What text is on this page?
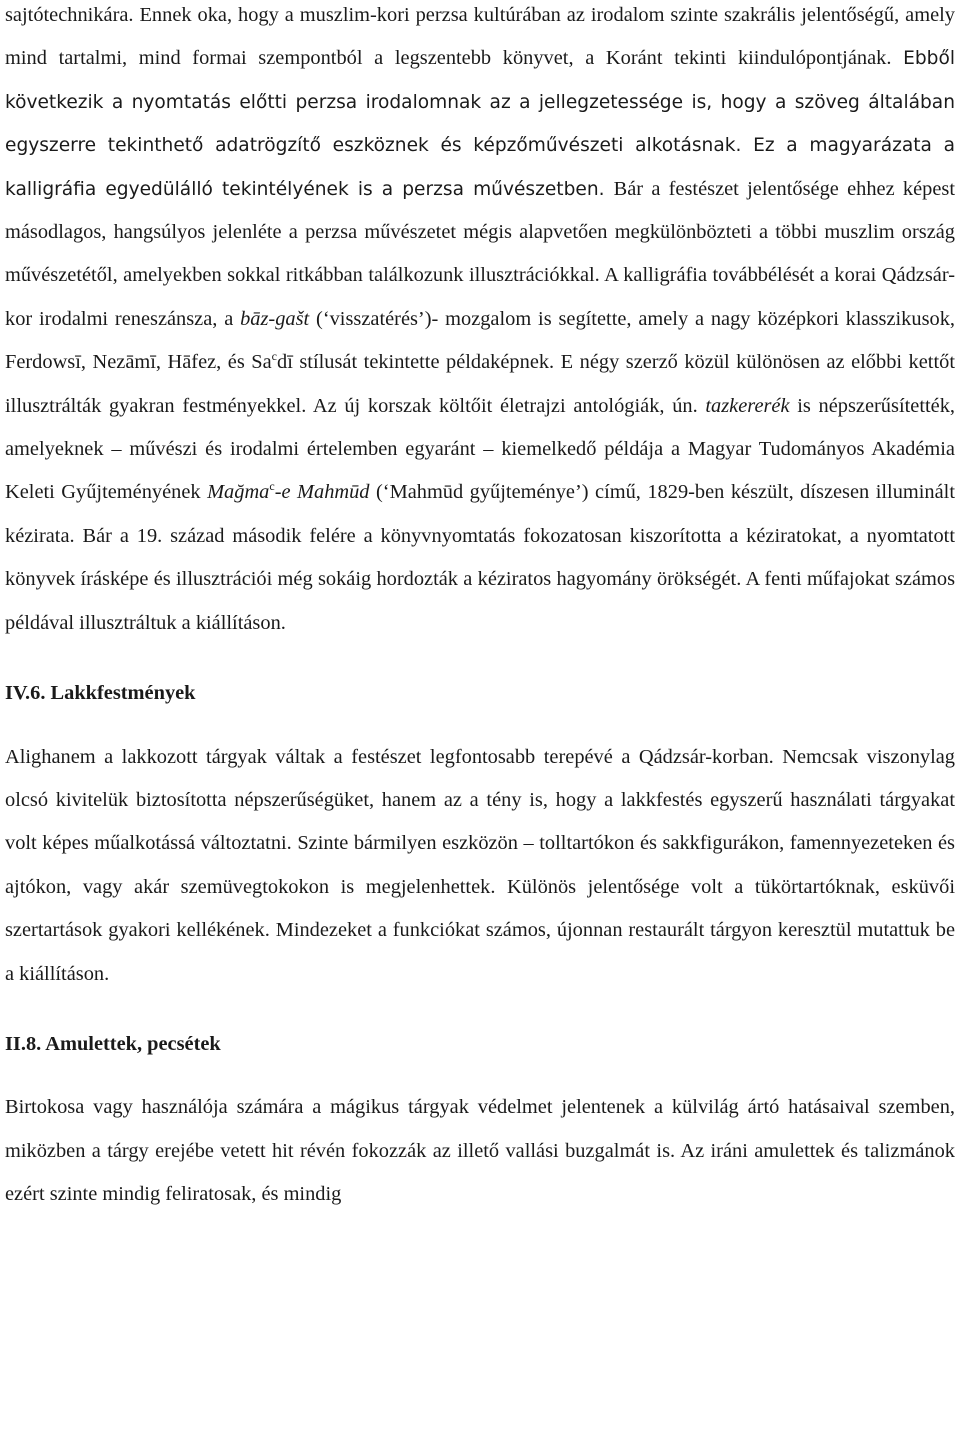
sajtótechnikára. Ennek oka, hogy a muszlim-kori perzsa kultúrában az irodalom szinte szakrális jelentőségű, amely mind tartalmi, mind formai szempontból a legszentebb könyvet, a Koránt tekinti kiindulópontjának. Ebből következik a nyomtatás előtti perzsa irodalomnak az a jellegzetessége is, hogy a szöveg általában egyszerre tekinthető adatrögzítő eszköznek és képzőművészeti alkotásnak. Ez a magyarázata a kalligráfia egyedülálló tekintélyének is a perzsa művészetben. Bár a festészet jelentősége ehhez képest másodlagos, hangsúlyos jelenléte a perzsa művészetet mégis alapvetően megkülönbözteti a többi muszlim ország művészetétől, amelyekben sokkal ritkábban találkozunk illusztrációkkal. A kalligráfia továbbélését a korai Qádzsár-kor irodalmi reneszánsza, a bāz-gašt (‘visszatérés’)- mozgalom is segítette, amely a nagy középkori klasszikusok, Ferdowsī, Nezāmī, Hāfez, és Sa$^c$dī stílusát tekintette példaképnek. E négy szerző közül különösen az előbbi kettőt illusztrálták gyakran festményekkel. Az új korszak költőit életrajzi antológiák, ún. tazkererék is népszerűsítették, amelyeknek – művészi és irodalmi értelemben egyaránt – kiemelkedő példája a Magyar Tudományos Akadémia Keleti Gyűjteményének Mağma$^c$-e Mahmūd (‘Mahmūd gyűjteménye’) című, 1829-ben készült, díszesen illuminált kézirata. Bár a 19. század második felére a könyvnyomtatás fokozatosan kiszorította a kéziratokat, a nyomtatott könyvek írásképe és illusztrációi még sokáig hordozták a kéziratos hagyomány örökségét. A fenti műfajokat számos példával illusztráltuk a kiállításon.

IV.6. Lakkfestmények

Alighanem a lakkozott tárgyak váltak a festészet legfontosabb terepévé a Qádzsár-korban. Nemcsak viszonylag olcsó kivitelük biztosította népszerűségüket, hanem az a tény is, hogy a lakkfestés egyszerű használati tárgyakat volt képes műalkotássá változtatni. Szinte bármilyen eszközön – tolltartókon és sakkfigurákon, famennyezeteken és ajtókon, vagy akár szemüvegtokokon is megjelenhettek. Különös jelentősége volt a tükörtartóknak, esküvői szertartások gyakori kellékének. Mindezeket a funkciókat számos, újonnan restaurált tárgyon keresztül mutattuk be a kiállításon.

II.8. Amulettek, pecsétek

Birtokosa vagy használója számára a mágikus tárgyak védelmet jelentenek a külvilág ártó hatásaival szemben, miközben a tárgy erejébe vetett hit révén fokozzák az illető vallási buzgalmát is. Az iráni amulettek és talizmánok ezért szinte mindig feliratosak, és mindig
